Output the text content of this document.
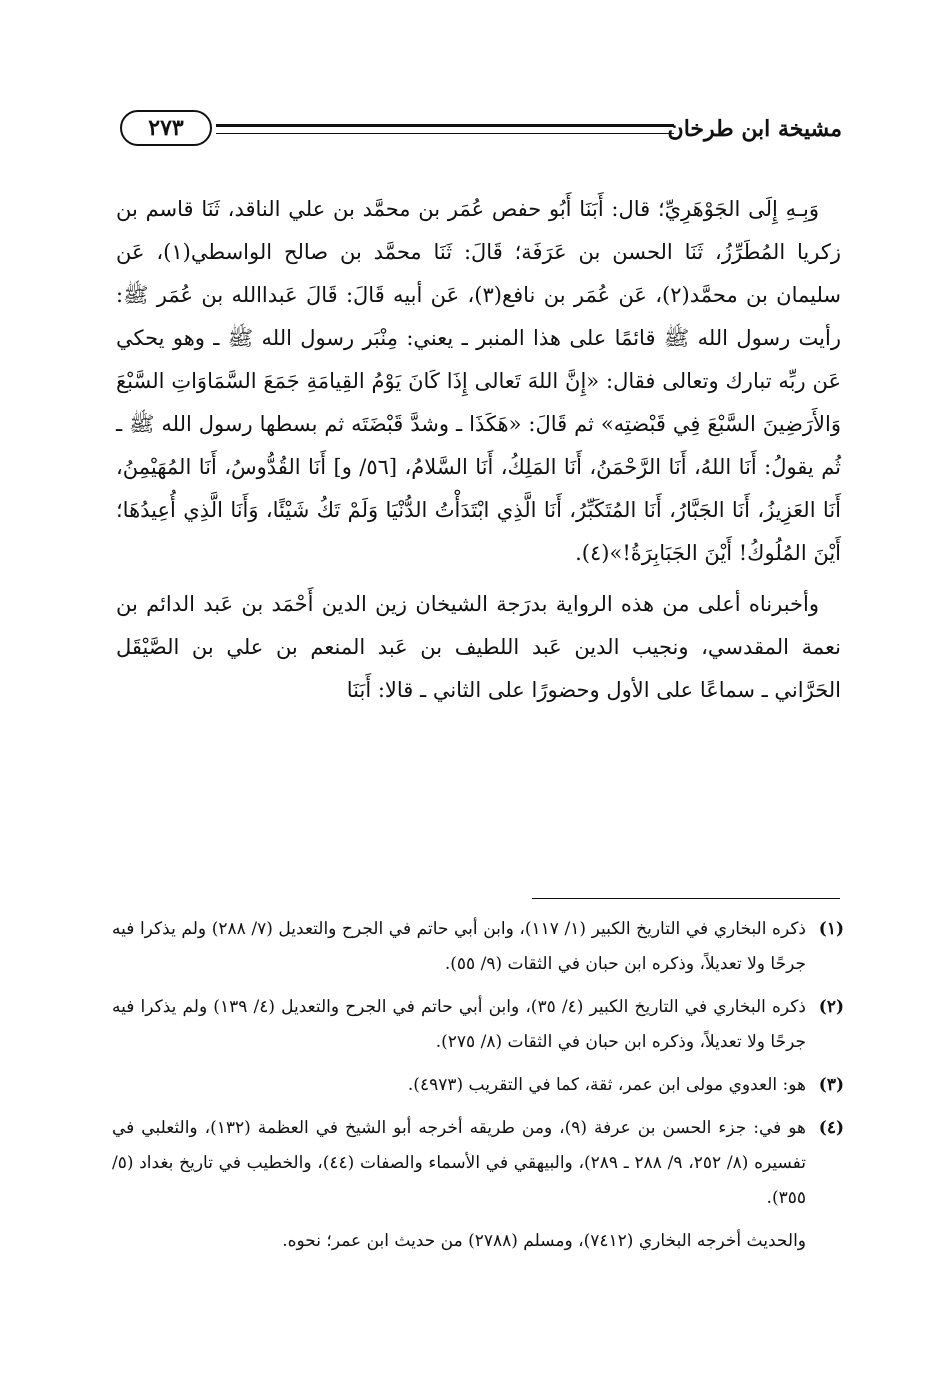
مشيخة ابن طرخان
٢٧٣

وَبِـهِ إِلَى الجَوْهَرِيِّ؛ قال: أَبَنَا أَبُو حفص عُمَر بن محمَّد بن علي الناقد، ثَنَا قاسم بن زكريا المُطَرِّزُ، ثَنَا الحسن بن عَرَفَة؛ قَالَ: ثَنَا محمَّد بن صالح الواسطي(١)، عَن سليمان بن محمَّد(٢)، عَن عُمَر بن نافع(٣)، عَن أبيه قَالَ: قَالَ عَبداالله بن عُمَر ﷺ: رأيت رسول الله ﷺ قائمًا على هذا المنبر ـ يعني: مِنْبَر رسول الله ﷺ ـ وهو يحكي عَن ربِّه تبارك وتعالى فقال: «إِنَّ اللهَ تَعالى إِذَا كَانَ يَوْمُ القِيامَةِ جَمَعَ السَّمَاوَاتِ السَّبْعَ وَالأَرَضِينَ السَّبْعَ فِي قَبْضتِه» ثم قَالَ: «هَكَذَا ـ وشدَّ قَبْضَتَه ثم بسطها رسول الله ﷺ ـ ثُم يقولُ: أَنَا اللهُ، أَنَا الرَّحْمَنُ، أَنَا المَلِكُ، أَنَا السَّلامُ، [٥٦/ و] أَنَا القُدُّوسُ، أَنَا المُهَيْمِنُ، أَنَا العَزِيزُ، أَنَا الجَبَّارُ، أَنَا المُتَكَبِّرُ، أَنَا الَّذِي ابْتَدَأْتُ الدُّنْيَا وَلَمْ تَكُ شَيْئًا، وَأَنَا الَّذِي أُعِيدُهَا؛ أَيْنَ المُلُوكُ! أَيْنَ الجَبَابِرَةُ!»(٤).

وأخبرناه أعلى من هذه الرواية بدرَجة الشيخان زين الدين أَحْمَد بن عَبد الدائم بن نعمة المقدسي، ونجيب الدين عَبد اللطيف بن عَبد المنعم بن علي بن الصَّيْقَل الحَرَّاني ـ سماعًا على الأول وحضورًا على الثاني ـ قالا: أَبَنَا

(١)
ذكره البخاري في التاريخ الكبير (١/ ١١٧)، وابن أبي حاتم في الجرح والتعديل (٧/ ٢٨٨) ولم يذكرا فيه جرحًا ولا تعديلاً، وذكره ابن حبان في الثقات (٩/ ٥٥).
(٢)
ذكره البخاري في التاريخ الكبير (٤/ ٣٥)، وابن أبي حاتم في الجرح والتعديل (٤/ ١٣٩) ولم يذكرا فيه جرحًا ولا تعديلاً، وذكره ابن حبان في الثقات (٨/ ٢٧٥).
(٣)
هو: العدوي مولى ابن عمر، ثقة، كما في التقريب (٤٩٧٣).
(٤)
هو في: جزء الحسن بن عرفة (٩)، ومن طريقه أخرجه أبو الشيخ في العظمة (١٣٢)، والثعلبي في تفسيره (٨/ ٢٥٢، ٩/ ٢٨٨ ـ ٢٨٩)، والبيهقي في الأسماء والصفات (٤٤)، والخطيب في تاريخ بغداد (٥/ ٣٥٥).
والحديث أخرجه البخاري (٧٤١٢)، ومسلم (٢٧٨٨) من حديث ابن عمر؛ نحوه.
